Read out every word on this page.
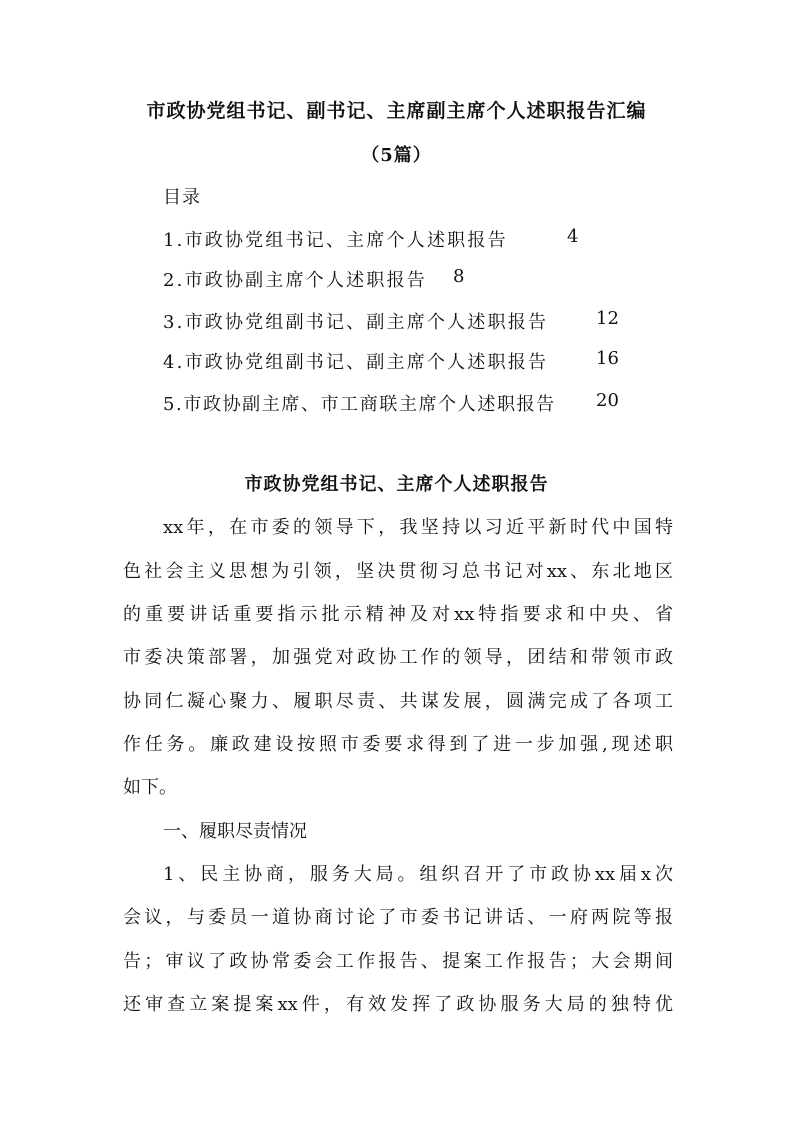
市政协党组书记、副书记、主席副主席个人述职报告汇编
（5篇）
目录
1.市政协党组书记、主席个人述职报告	4
2.市政协副主席个人述职报告 8
3.市政协党组副书记、副主席个人述职报告	12
4.市政协党组副书记、副主席个人述职报告	16
5.市政协副主席、市工商联主席个人述职报告 20
市政协党组书记、主席个人述职报告
xx年，在市委的领导下，我坚持以习近平新时代中国特
色社会主义思想为引领，坚决贯彻习总书记对xx、东北地区
的重要讲话重要指示批示精神及对xx特指要求和中央、省
市委决策部署，加强党对政协工作的领导，团结和带领市政
协同仁凝心聚力、履职尽责、共谋发展，圆满完成了各项工
作任务。廉政建设按照市委要求得到了进一步加强,现述职
如下。
一、履职尽责情况
1、民主协商，服务大局。组织召开了市政协xx届x次
会议，与委员一道协商讨论了市委书记讲话、一府两院等报
告；审议了政协常委会工作报告、提案工作报告；大会期间
还审查立案提案xx件，有效发挥了政协服务大局的独特优
